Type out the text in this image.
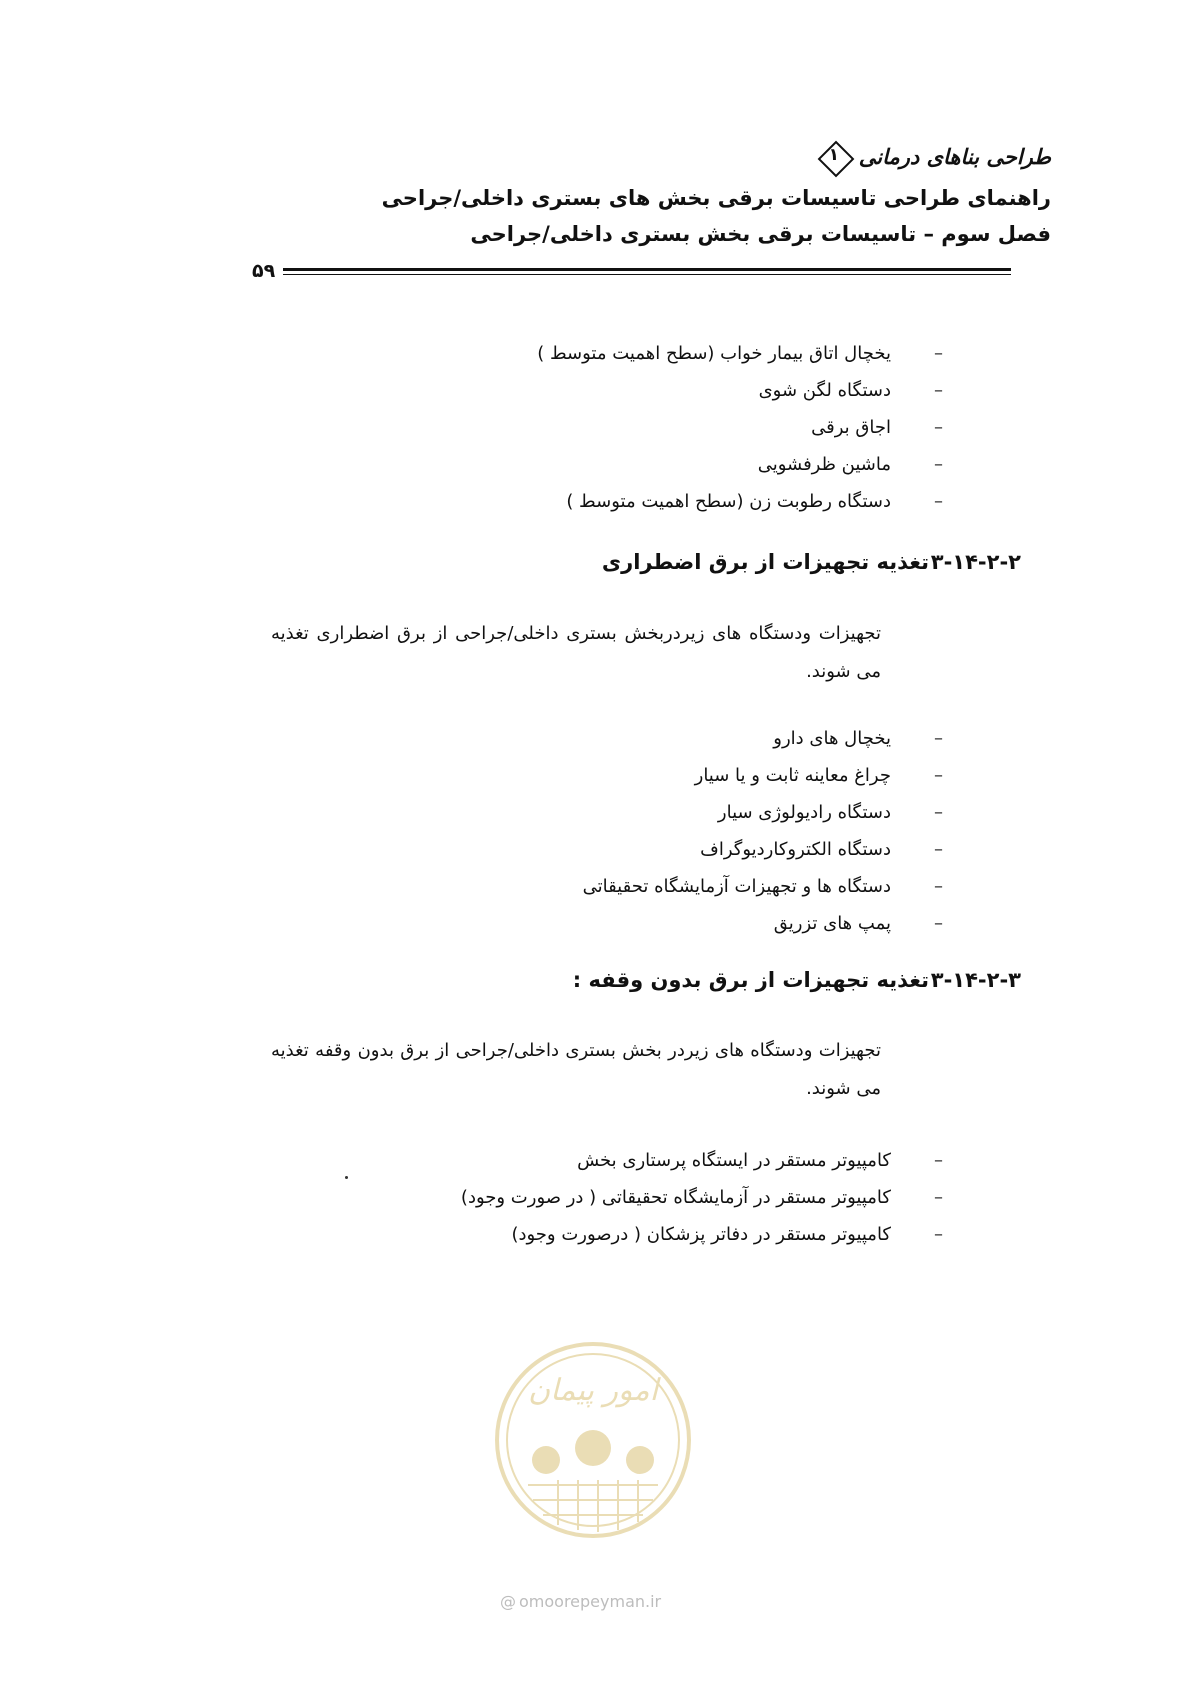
طراحی بناهای درمانی
۱
راهنمای طراحی تاسیسات برقی بخش های بستری داخلی/جراحی
فصل سوم – تاسیسات برقی بخش بستری داخلی/جراحی
۵۹
–
یخچال اتاق بیمار خواب (سطح اهمیت متوسط )
–
دستگاه لگن شوی
–
اجاق برقی
–
ماشین ظرفشویی
–
دستگاه رطوبت زن (سطح اهمیت متوسط )
۳-۱۴-۲-۲
تغذیه تجهیزات از برق اضطراری
تجهیزات ودستگاه های زیردربخش بستری داخلی/جراحی از برق اضطراری تغذیه
می شوند.
–
یخچال های دارو
–
چراغ معاینه ثابت و یا سیار
–
دستگاه رادیولوژی سیار
–
دستگاه الکتروکاردیوگراف
–
دستگاه ها و تجهیزات آزمایشگاه تحقیقاتی
–
پمپ های تزریق
۳-۱۴-۲-۳
تغذیه تجهیزات از برق بدون وقفه :
تجهیزات ودستگاه های زیردر بخش بستری داخلی/جراحی از برق بدون وقفه تغذیه
می شوند.
–
کامپیوتر مستقر در ایستگاه پرستاری بخش
–
کامپیوتر مستقر در آزمایشگاه تحقیقاتی ( در صورت وجود)
–
کامپیوتر مستقر در دفاتر پزشکان ( درصورت وجود)
امور پیمان
@ omoorepeyman.ir
